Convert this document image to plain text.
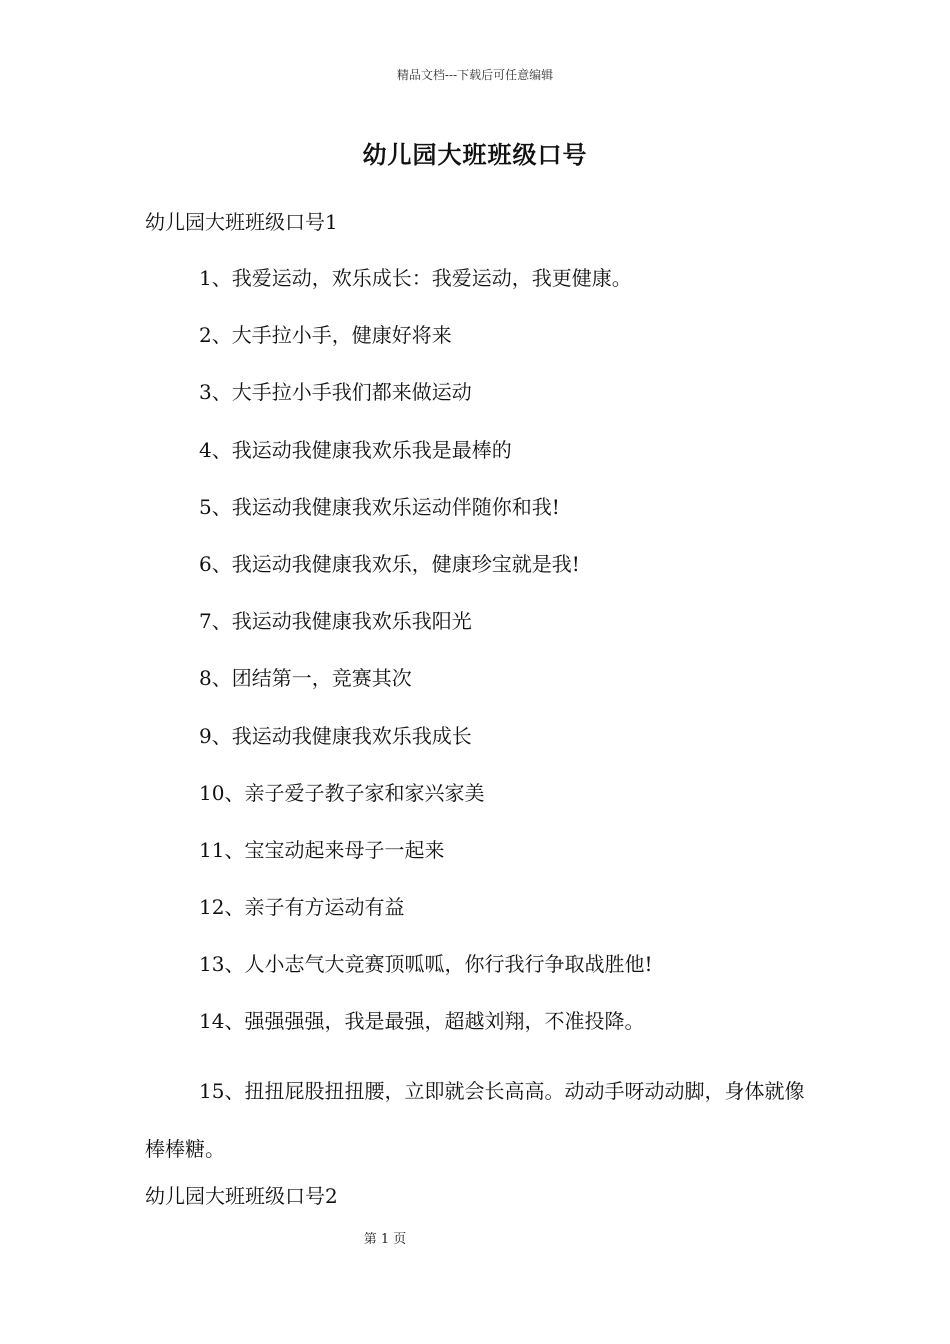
精品文档---下载后可任意编辑
幼儿园大班班级口号
幼儿园大班班级口号1
1、我爱运动，欢乐成长：我爱运动，我更健康。
2、大手拉小手，健康好将来
3、大手拉小手我们都来做运动
4、我运动我健康我欢乐我是最棒的
5、我运动我健康我欢乐运动伴随你和我!
6、我运动我健康我欢乐，健康珍宝就是我!
7、我运动我健康我欢乐我阳光
8、团结第一，竞赛其次
9、我运动我健康我欢乐我成长
10、亲子爱子教子家和家兴家美
11、宝宝动起来母子一起来
12、亲子有方运动有益
13、人小志气大竞赛顶呱呱，你行我行争取战胜他!
14、强强强强，我是最强，超越刘翔，不准投降。

15、扭扭屁股扭扭腰，立即就会长高高。动动手呀动动脚，身体就像棒棒糖。

幼儿园大班班级口号2
第 1 页
